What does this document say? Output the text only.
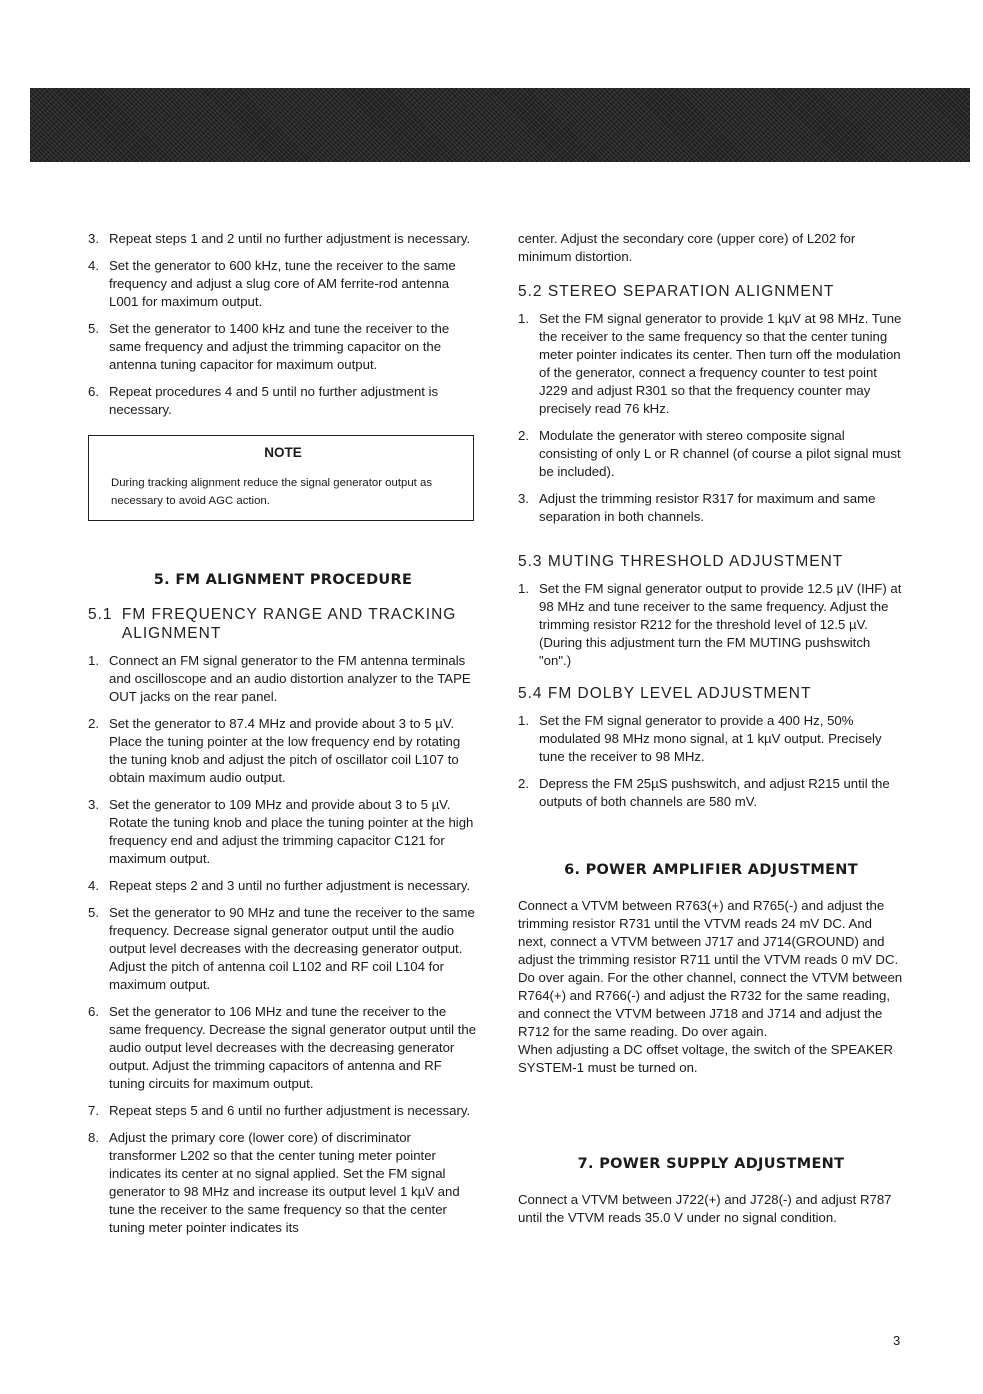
3. Repeat steps 1 and 2 until no further adjustment is necessary.
4. Set the generator to 600 kHz, tune the receiver to the same frequency and adjust a slug core of AM ferrite-rod antenna L001 for maximum output.
5. Set the generator to 1400 kHz and tune the receiver to the same frequency and adjust the trimming capacitor on the antenna tuning capacitor for maximum output.
6. Repeat procedures 4 and 5 until no further adjustment is necessary.
NOTE
During tracking alignment reduce the signal generator output as necessary to avoid AGC action.
5. FM ALIGNMENT PROCEDURE
5.1 FM FREQUENCY RANGE AND TRACKING ALIGNMENT
1. Connect an FM signal generator to the FM antenna terminals and oscilloscope and an audio distortion analyzer to the TAPE OUT jacks on the rear panel.
2. Set the generator to 87.4 MHz and provide about 3 to 5 µV. Place the tuning pointer at the low frequency end by rotating the tuning knob and adjust the pitch of oscillator coil L107 to obtain maximum audio output.
3. Set the generator to 109 MHz and provide about 3 to 5 µV. Rotate the tuning knob and place the tuning pointer at the high frequency end and adjust the trimming capacitor C121 for maximum output.
4. Repeat steps 2 and 3 until no further adjustment is necessary.
5. Set the generator to 90 MHz and tune the receiver to the same frequency. Decrease signal generator output until the audio output level decreases with the decreasing generator output. Adjust the pitch of antenna coil L102 and RF coil L104 for maximum output.
6. Set the generator to 106 MHz and tune the receiver to the same frequency. Decrease the signal generator output until the audio output level decreases with the decreasing generator output. Adjust the trimming capacitors of antenna and RF tuning circuits for maximum output.
7. Repeat steps 5 and 6 until no further adjustment is necessary.
8. Adjust the primary core (lower core) of discriminator transformer L202 so that the center tuning meter pointer indicates its center at no signal applied. Set the FM signal generator to 98 MHz and increase its output level 1 kµV and tune the receiver to the same frequency so that the center tuning meter pointer indicates its

center. Adjust the secondary core (upper core) of L202 for minimum distortion.

5.2 STEREO SEPARATION ALIGNMENT
1. Set the FM signal generator to provide 1 kµV at 98 MHz. Tune the receiver to the same frequency so that the center tuning meter pointer indicates its center. Then turn off the modulation of the generator, connect a frequency counter to test point J229 and adjust R301 so that the frequency counter may precisely read 76 kHz.
2. Modulate the generator with stereo composite signal consisting of only L or R channel (of course a pilot signal must be included).
3. Adjust the trimming resistor R317 for maximum and same separation in both channels.
5.3 MUTING THRESHOLD ADJUSTMENT
1. Set the FM signal generator output to provide 12.5 µV (IHF) at 98 MHz and tune receiver to the same frequency. Adjust the trimming resistor R212 for the threshold level of 12.5 µV. (During this adjustment turn the FM MUTING pushswitch "on".)
5.4 FM DOLBY LEVEL ADJUSTMENT
1. Set the FM signal generator to provide a 400 Hz, 50% modulated 98 MHz mono signal, at 1 kµV output. Precisely tune the receiver to 98 MHz.
2. Depress the FM 25µS pushswitch, and adjust R215 until the outputs of both channels are 580 mV.
6. POWER AMPLIFIER ADJUSTMENT

Connect a VTVM between R763(+) and R765(-) and adjust the trimming resistor R731 until the VTVM reads 24 mV DC. And next, connect a VTVM between J717 and J714(GROUND) and adjust the trimming resistor R711 until the VTVM reads 0 mV DC. Do over again. For the other channel, connect the VTVM between R764(+) and R766(-) and adjust the R732 for the same reading, and connect the VTVM between J718 and J714 and adjust the R712 for the same reading. Do over again.

When adjusting a DC offset voltage, the switch of the SPEAKER SYSTEM-1 must be turned on.

7. POWER SUPPLY ADJUSTMENT

Connect a VTVM between J722(+) and J728(-) and adjust R787 until the VTVM reads 35.0 V under no signal condition.

3
